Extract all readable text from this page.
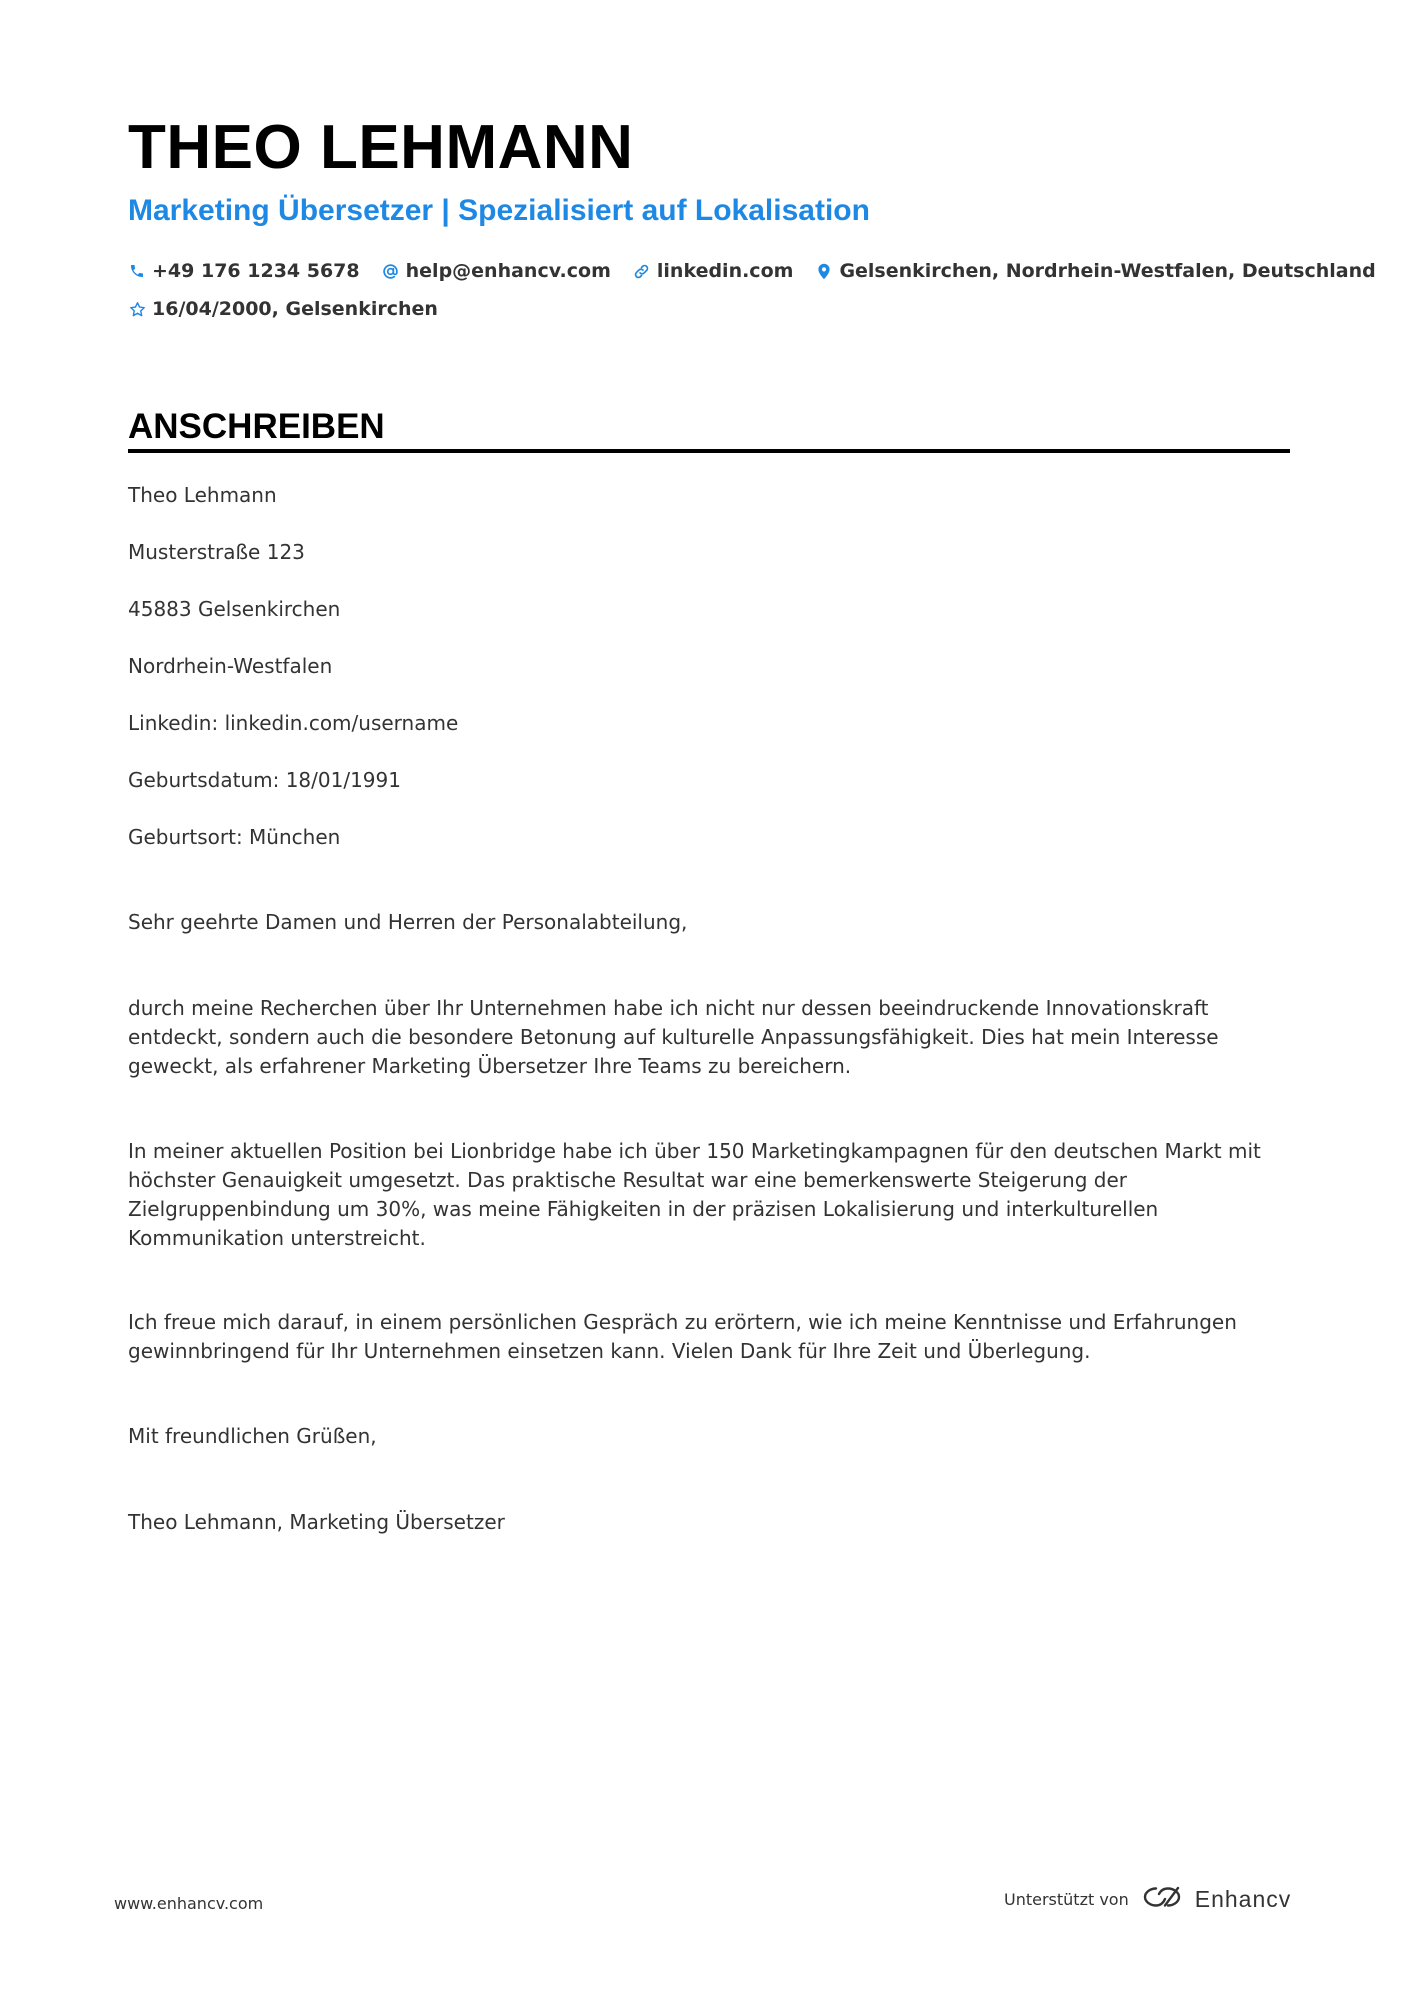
THEO LEHMANN
Marketing Übersetzer | Spezialisiert auf Lokalisation
+49 176 1234 5678 help@enhancv.com linkedin.com Gelsenkirchen, Nordrhein-Westfalen, Deutschland
16/04/2000, Gelsenkirchen
ANSCHREIBEN

Theo Lehmann

Musterstraße 123

45883 Gelsenkirchen

Nordrhein-Westfalen

Linkedin: linkedin.com/username

Geburtsdatum: 18/01/1991

Geburtsort: München

Sehr geehrte Damen und Herren der Personalabteilung,

durch meine Recherchen über Ihr Unternehmen habe ich nicht nur dessen beeindruckende Innovationskraft entdeckt, sondern auch die besondere Betonung auf kulturelle Anpassungsfähigkeit. Dies hat mein Interesse geweckt, als erfahrener Marketing Übersetzer Ihre Teams zu bereichern.

In meiner aktuellen Position bei Lionbridge habe ich über 150 Marketingkampagnen für den deutschen Markt mit höchster Genauigkeit umgesetzt. Das praktische Resultat war eine bemerkenswerte Steigerung der Zielgruppenbindung um 30%, was meine Fähigkeiten in der präzisen Lokalisierung und interkulturellen Kommunikation unterstreicht.

Ich freue mich darauf, in einem persönlichen Gespräch zu erörtern, wie ich meine Kenntnisse und Erfahrungen gewinnbringend für Ihr Unternehmen einsetzen kann. Vielen Dank für Ihre Zeit und Überlegung.

Mit freundlichen Grüßen,

Theo Lehmann, Marketing Übersetzer

www.enhancv.com	Unterstützt von	Enhancv
